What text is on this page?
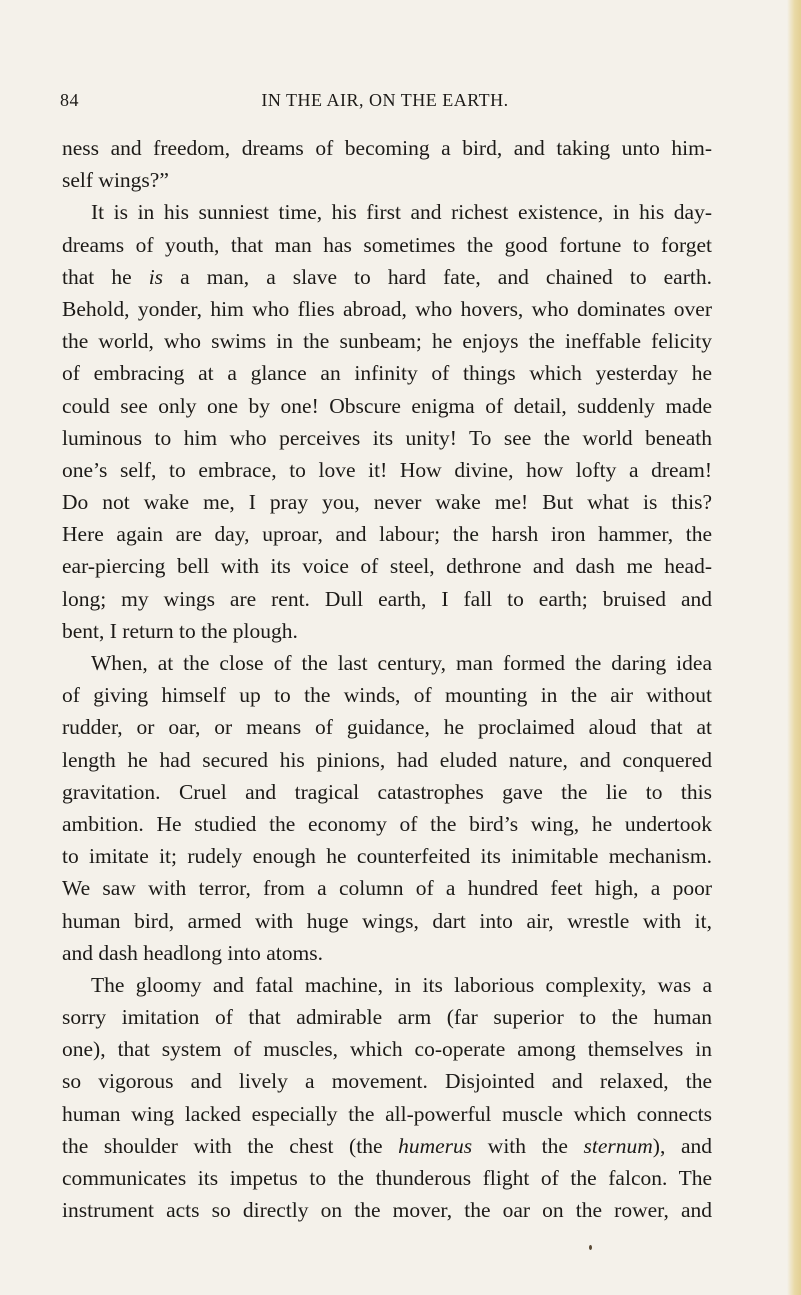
84	IN THE AIR, ON THE EARTH.
ness and freedom, dreams of becoming a bird, and taking unto him-
self wings?”
It is in his sunniest time, his first and richest existence, in his day-
dreams of youth, that man has sometimes the good fortune to forget
that he is a man, a slave to hard fate, and chained to earth.
Behold, yonder, him who flies abroad, who hovers, who dominates over
the world, who swims in the sunbeam; he enjoys the ineffable felicity
of embracing at a glance an infinity of things which yesterday he
could see only one by one! Obscure enigma of detail, suddenly made
luminous to him who perceives its unity! To see the world beneath
one’s self, to embrace, to love it! How divine, how lofty a dream!
Do not wake me, I pray you, never wake me! But what is this?
Here again are day, uproar, and labour; the harsh iron hammer, the
ear-piercing bell with its voice of steel, dethrone and dash me head-
long; my wings are rent. Dull earth, I fall to earth; bruised and
bent, I return to the plough.
When, at the close of the last century, man formed the daring idea
of giving himself up to the winds, of mounting in the air without
rudder, or oar, or means of guidance, he proclaimed aloud that at
length he had secured his pinions, had eluded nature, and conquered
gravitation. Cruel and tragical catastrophes gave the lie to this
ambition. He studied the economy of the bird’s wing, he undertook
to imitate it; rudely enough he counterfeited its inimitable mechanism.
We saw with terror, from a column of a hundred feet high, a poor
human bird, armed with huge wings, dart into air, wrestle with it,
and dash headlong into atoms.
The gloomy and fatal machine, in its laborious complexity, was a
sorry imitation of that admirable arm (far superior to the human
one), that system of muscles, which co-operate among themselves in
so vigorous and lively a movement. Disjointed and relaxed, the
human wing lacked especially the all-powerful muscle which connects
the shoulder with the chest (the humerus with the sternum), and
communicates its impetus to the thunderous flight of the falcon. The
instrument acts so directly on the mover, the oar on the rower, and
